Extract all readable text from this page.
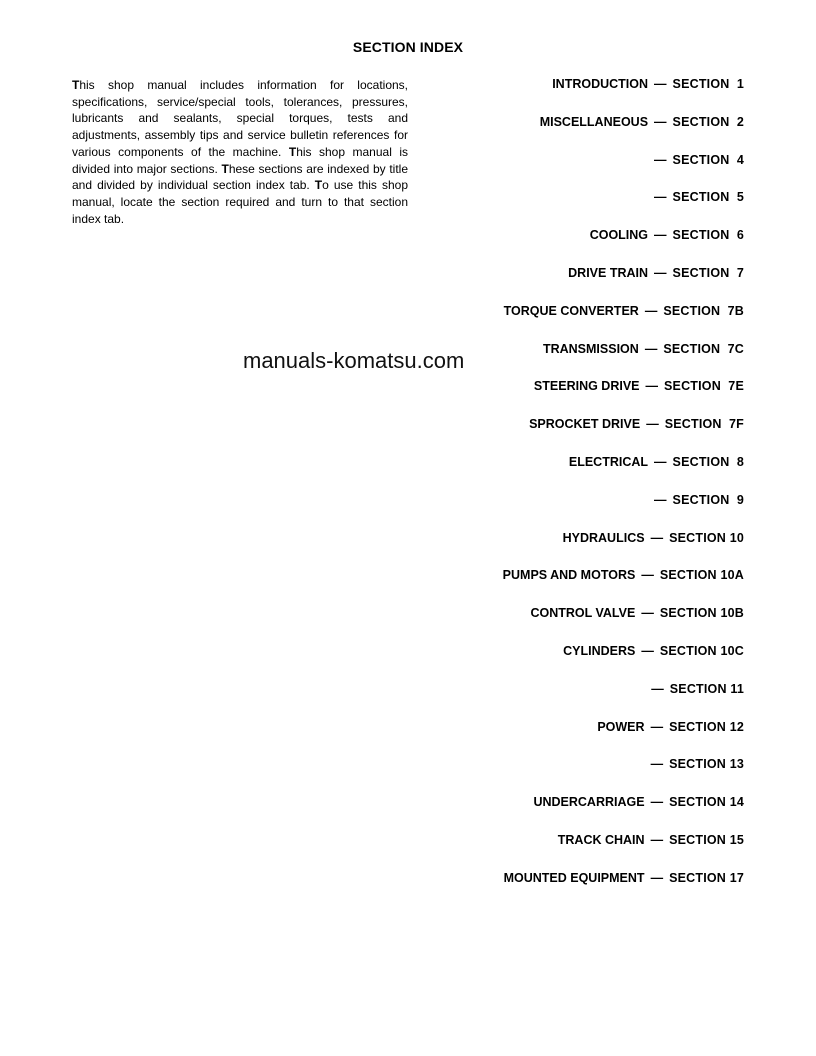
SECTION INDEX

This shop manual includes information for locations, specifications, service/special tools, tolerances, pressures, lubricants and sealants, special torques, tests and adjustments, assembly tips and service bulletin references for various components of the machine. This shop manual is divided into major sections. These sections are indexed by title and divided by individual section index tab. To use this shop manual, locate the section required and turn to that section index tab.

INTRODUCTION — SECTION  1
MISCELLANEOUS — SECTION  2
— SECTION  4
— SECTION  5
COOLING — SECTION  6
DRIVE TRAIN — SECTION  7
TORQUE CONVERTER — SECTION  7B
TRANSMISSION — SECTION  7C
STEERING DRIVE — SECTION  7E
SPROCKET DRIVE — SECTION  7F
ELECTRICAL — SECTION  8
— SECTION  9
HYDRAULICS — SECTION 10
PUMPS AND MOTORS — SECTION 10A
CONTROL VALVE — SECTION 10B
CYLINDERS — SECTION 10C
— SECTION 11
POWER — SECTION 12
— SECTION 13
UNDERCARRIAGE — SECTION 14
TRACK CHAIN — SECTION 15
MOUNTED EQUIPMENT — SECTION 17
manuals-komatsu.com
